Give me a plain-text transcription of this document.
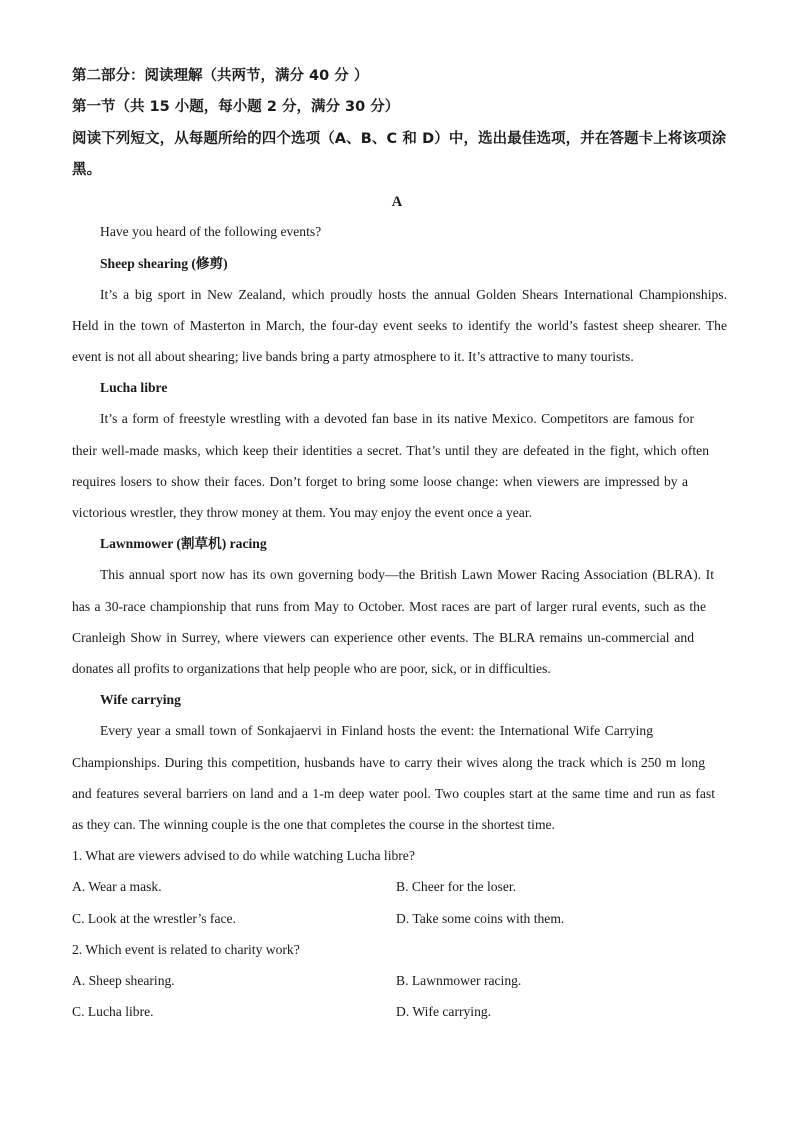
第二部分：阅读理解（共两节，满分 40 分 ）

第一节（共 15 小题，每小题 2 分，满分 30 分）

阅读下列短文，从每题所给的四个选项（A、B、C 和 D）中，选出最佳选项，并在答题卡上将该项涂黑。

A

Have you heard of the following events?

Sheep shearing (修剪)

It’s a big sport in New Zealand, which proudly hosts the annual Golden Shears International Championships.

Held in the town of Masterton in March, the four-day event seeks to identify the world’s fastest sheep shearer. The

event is not all about shearing; live bands bring a party atmosphere to it. It’s attractive to many tourists.

Lucha libre

It’s a form of freestyle wrestling with a devoted fan base in its native Mexico. Competitors are famous for

their well-made masks, which keep their identities a secret. That’s until they are defeated in the fight, which often

requires losers to show their faces. Don’t forget to bring some loose change: when viewers are impressed by a

victorious wrestler, they throw money at them. You may enjoy the event once a year.

Lawnmower (割草机) racing

This annual sport now has its own governing body—the British Lawn Mower Racing Association (BLRA). It

has a 30-race championship that runs from May to October. Most races are part of larger rural events, such as the

Cranleigh Show in Surrey, where viewers can experience other events. The BLRA remains un-commercial and

donates all profits to organizations that help people who are poor, sick, or in difficulties.

Wife carrying

Every year a small town of Sonkajaervi in Finland hosts the event: the International Wife Carrying

Championships. During this competition, husbands have to carry their wives along the track which is 250 m long

and features several barriers on land and a 1-m deep water pool. Two couples start at the same time and run as fast

as they can. The winning couple is the one that completes the course in the shortest time.

1. What are viewers advised to do while watching Lucha libre?

A. Wear a mask.	B. Cheer for the loser.

C. Look at the wrestler’s face.	D. Take some coins with them.

2. Which event is related to charity work?

A. Sheep shearing.	B. Lawnmower racing.

C. Lucha libre.	D. Wife carrying.
